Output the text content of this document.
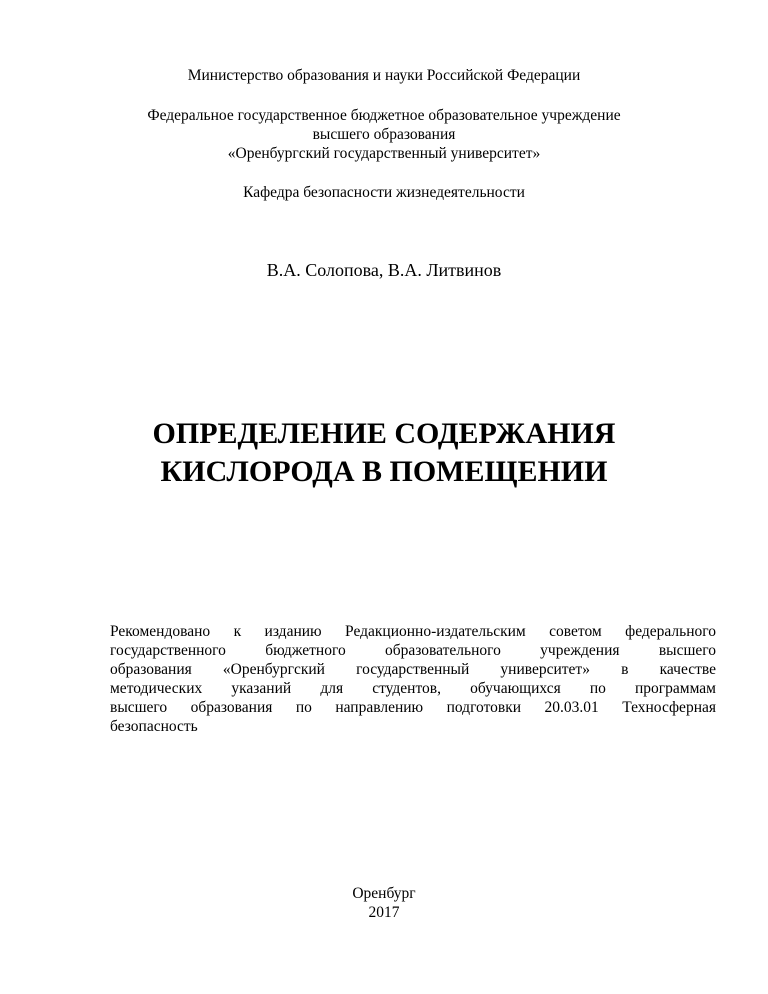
Министерство образования и науки Российской Федерации
Федеральное государственное бюджетное образовательное учреждение
высшего образования
«Оренбургский государственный университет»
Кафедра безопасности жизнедеятельности
В.А. Солопова, В.А. Литвинов
ОПРЕДЕЛЕНИЕ СОДЕРЖАНИЯ
КИСЛОРОДА В ПОМЕЩЕНИИ
Рекомендовано к изданию Редакционно-издательским советом федерального
государственного бюджетного образовательного учреждения высшего
образования «Оренбургский государственный университет» в качестве
методических указаний для студентов, обучающихся по программам
высшего образования по направлению подготовки 20.03.01 Техносферная
безопасность
Оренбург
2017
